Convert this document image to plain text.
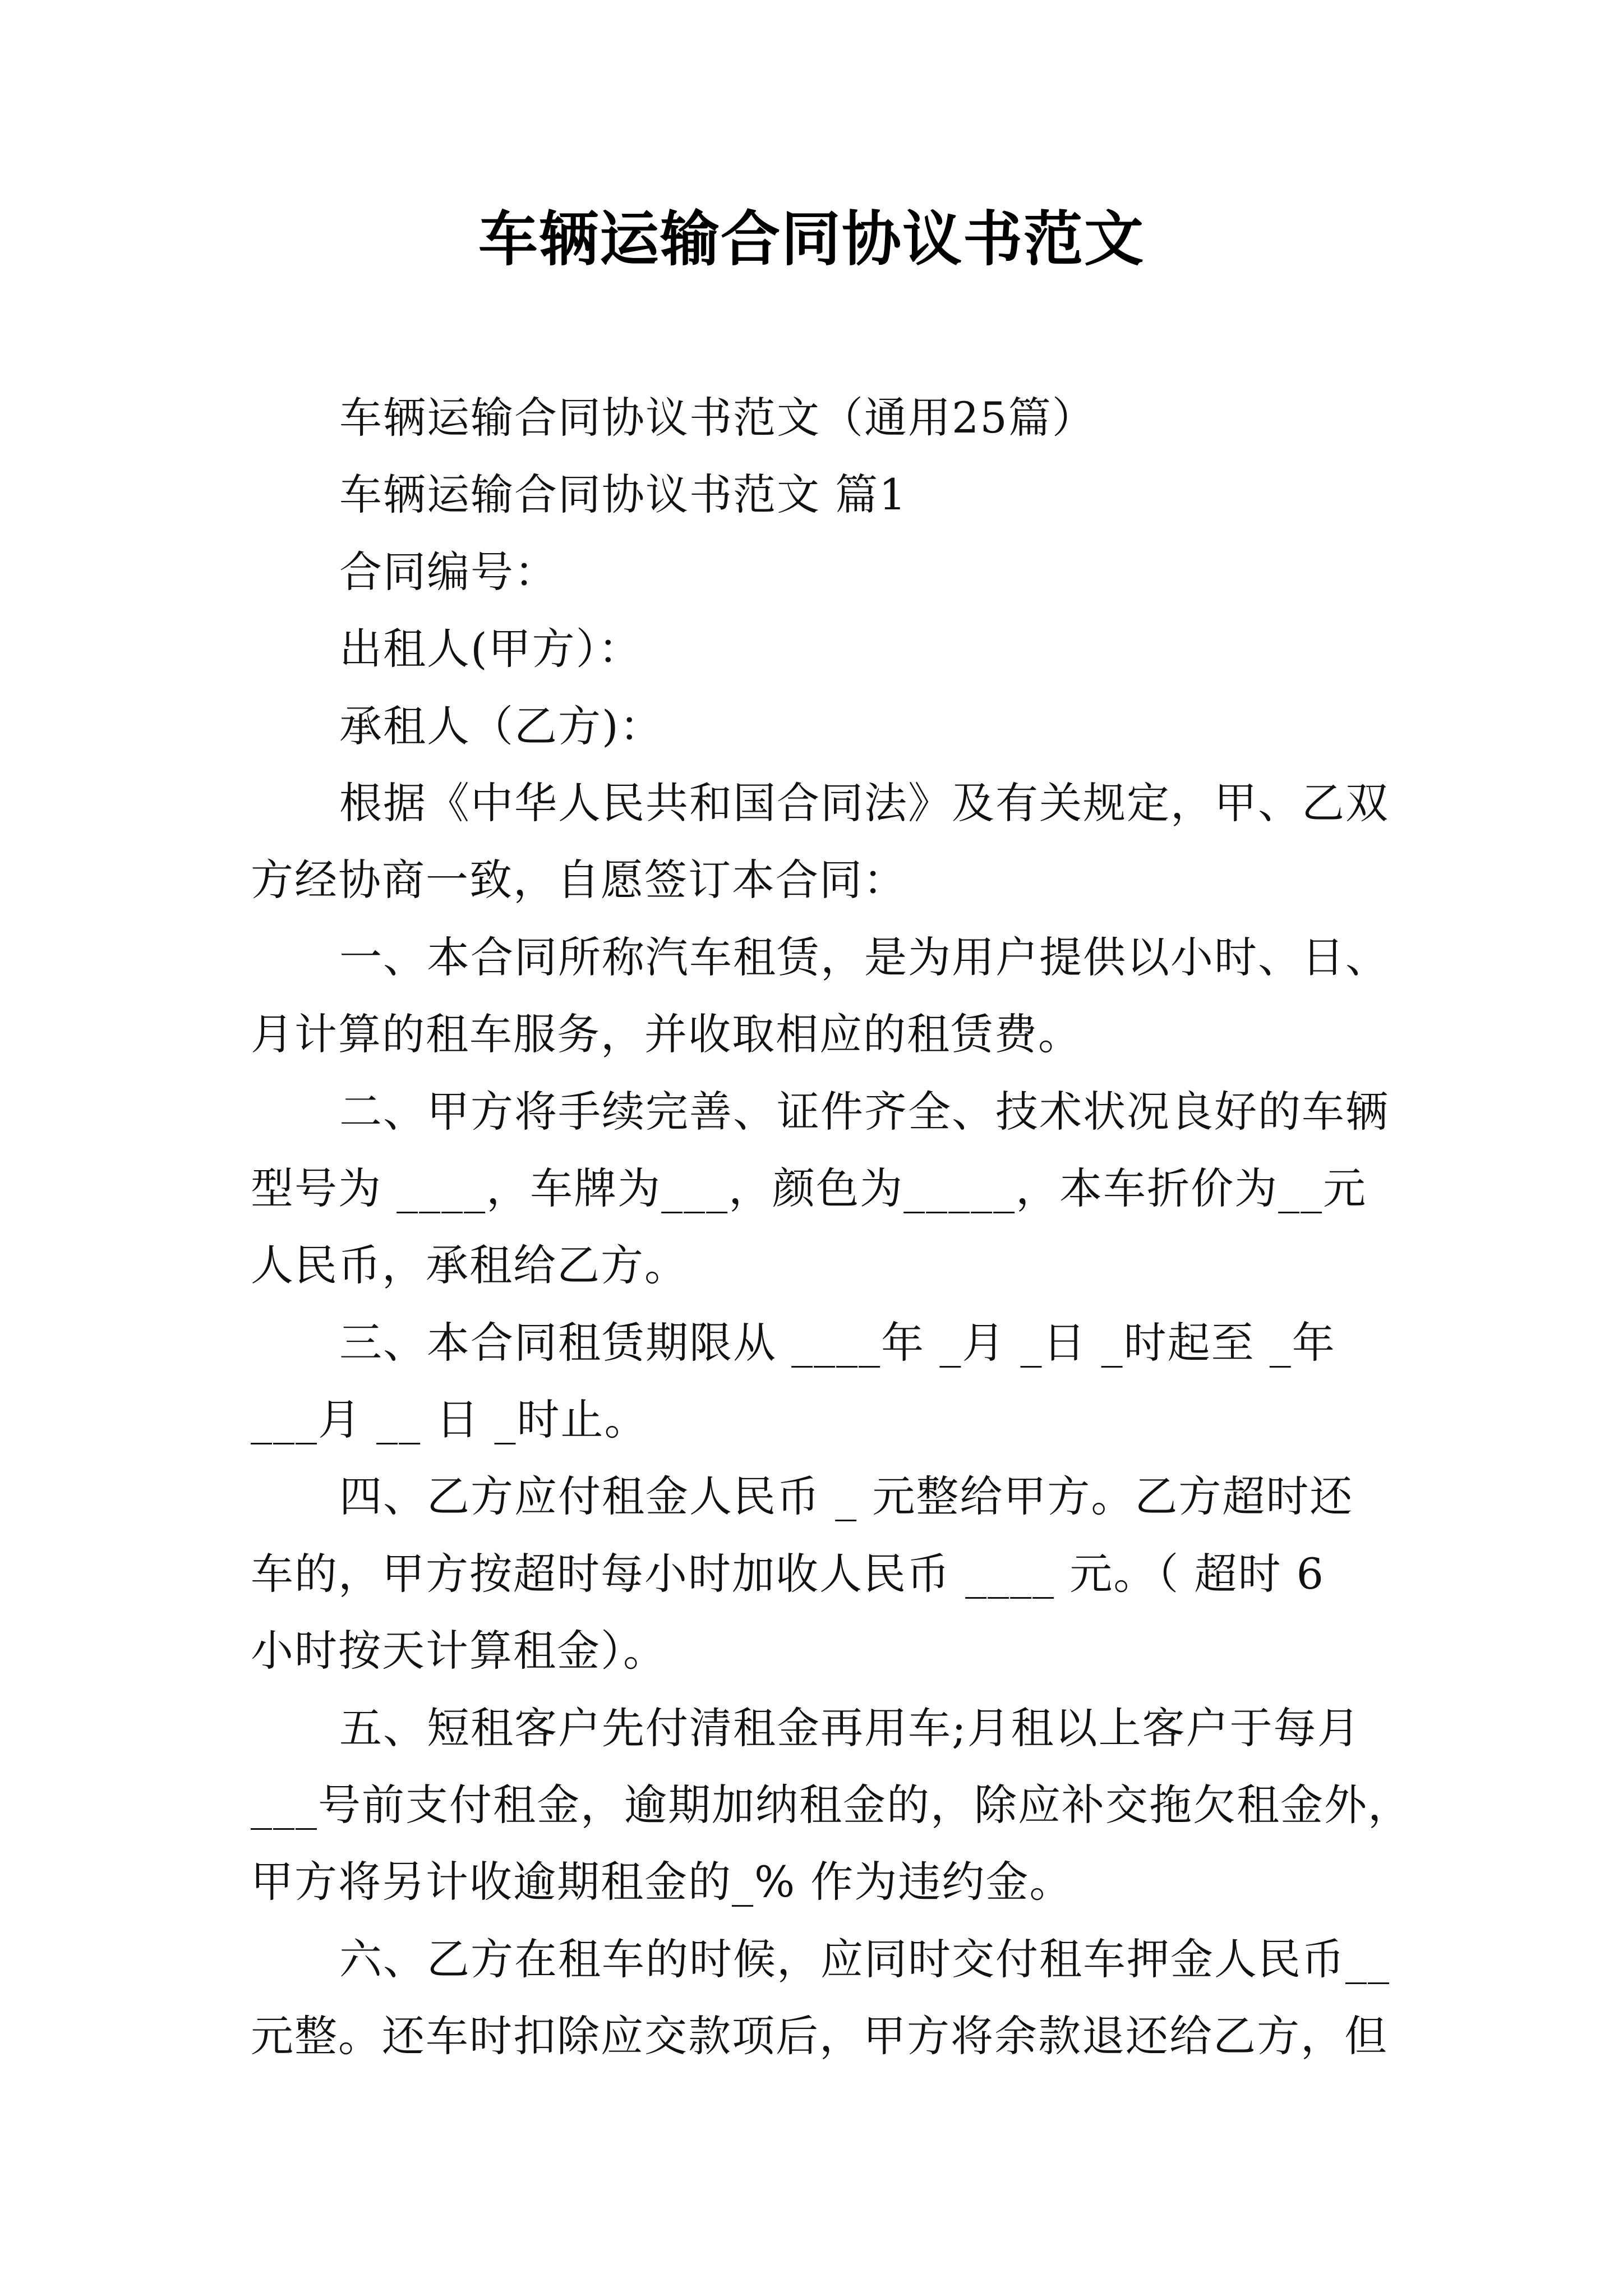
车辆运输合同协议书范文
车辆运输合同协议书范文（通用25篇）
车辆运输合同协议书范文 篇1
合同编号：
出租人(甲方）：
承租人（乙方)：
根据《中华人民共和国合同法》及有关规定，甲、乙双
方经协商一致，自愿签订本合同：
一、本合同所称汽车租赁，是为用户提供以小时、日、
月计算的租车服务，并收取相应的租赁费。
二、甲方将手续完善、证件齐全、技术状况良好的车辆
型号为 ____，车牌为___，颜色为_____，本车折价为__元
人民币，承租给乙方。
三、本合同租赁期限从 ____年 _月 _日 _时起至 _年
___月 __ 日 _时止。
四、乙方应付租金人民币 _ 元整给甲方。乙方超时还
车的，甲方按超时每小时加收人民币 ____ 元。（ 超时 6
小时按天计算租金）。
五、短租客户先付清租金再用车;月租以上客户于每月
___号前支付租金，逾期加纳租金的，除应补交拖欠租金外，
甲方将另计收逾期租金的_% 作为违约金。
六、乙方在租车的时候，应同时交付租车押金人民币__
元整。还车时扣除应交款项后，甲方将余款退还给乙方，但
